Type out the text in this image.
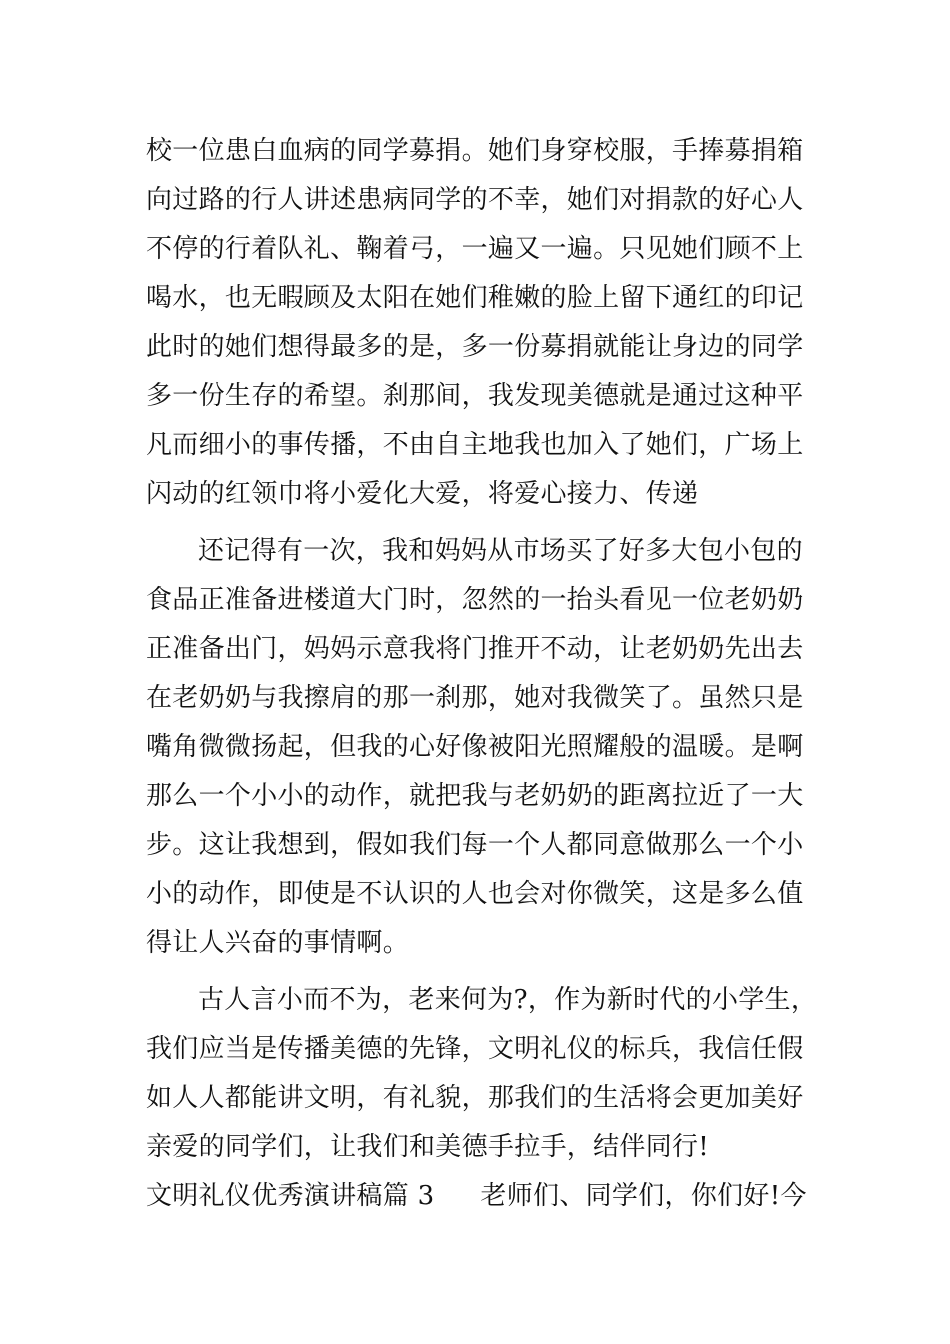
校一位患白血病的同学募捐。她们身穿校服，手捧募捐箱
向过路的行人讲述患病同学的不幸，她们对捐款的好心人
不停的行着队礼、鞠着弓，一遍又一遍。只见她们顾不上
喝水，也无暇顾及太阳在她们稚嫩的脸上留下通红的印记
此时的她们想得最多的是，多一份募捐就能让身边的同学
多一份生存的希望。刹那间，我发现美德就是通过这种平
凡而细小的事传播，不由自主地我也加入了她们，广场上
闪动的红领巾将小爱化大爱，将爱心接力、传递
还记得有一次，我和妈妈从市场买了好多大包小包的
食品正准备进楼道大门时，忽然的一抬头看见一位老奶奶
正准备出门，妈妈示意我将门推开不动，让老奶奶先出去
在老奶奶与我擦肩的那一刹那，她对我微笑了。虽然只是
嘴角微微扬起，但我的心好像被阳光照耀般的温暖。是啊
那么一个小小的动作，就把我与老奶奶的距离拉近了一大
步。这让我想到，假如我们每一个人都同意做那么一个小
小的动作，即使是不认识的人也会对你微笑，这是多么值
得让人兴奋的事情啊。
古人言小而不为，老来何为?，作为新时代的小学生，
我们应当是传播美德的先锋，文明礼仪的标兵，我信任假
如人人都能讲文明，有礼貌，那我们的生活将会更加美好
亲爱的同学们，让我们和美德手拉手，结伴同行!
文明礼仪优秀演讲稿篇 3 老师们、同学们，你们好!今
